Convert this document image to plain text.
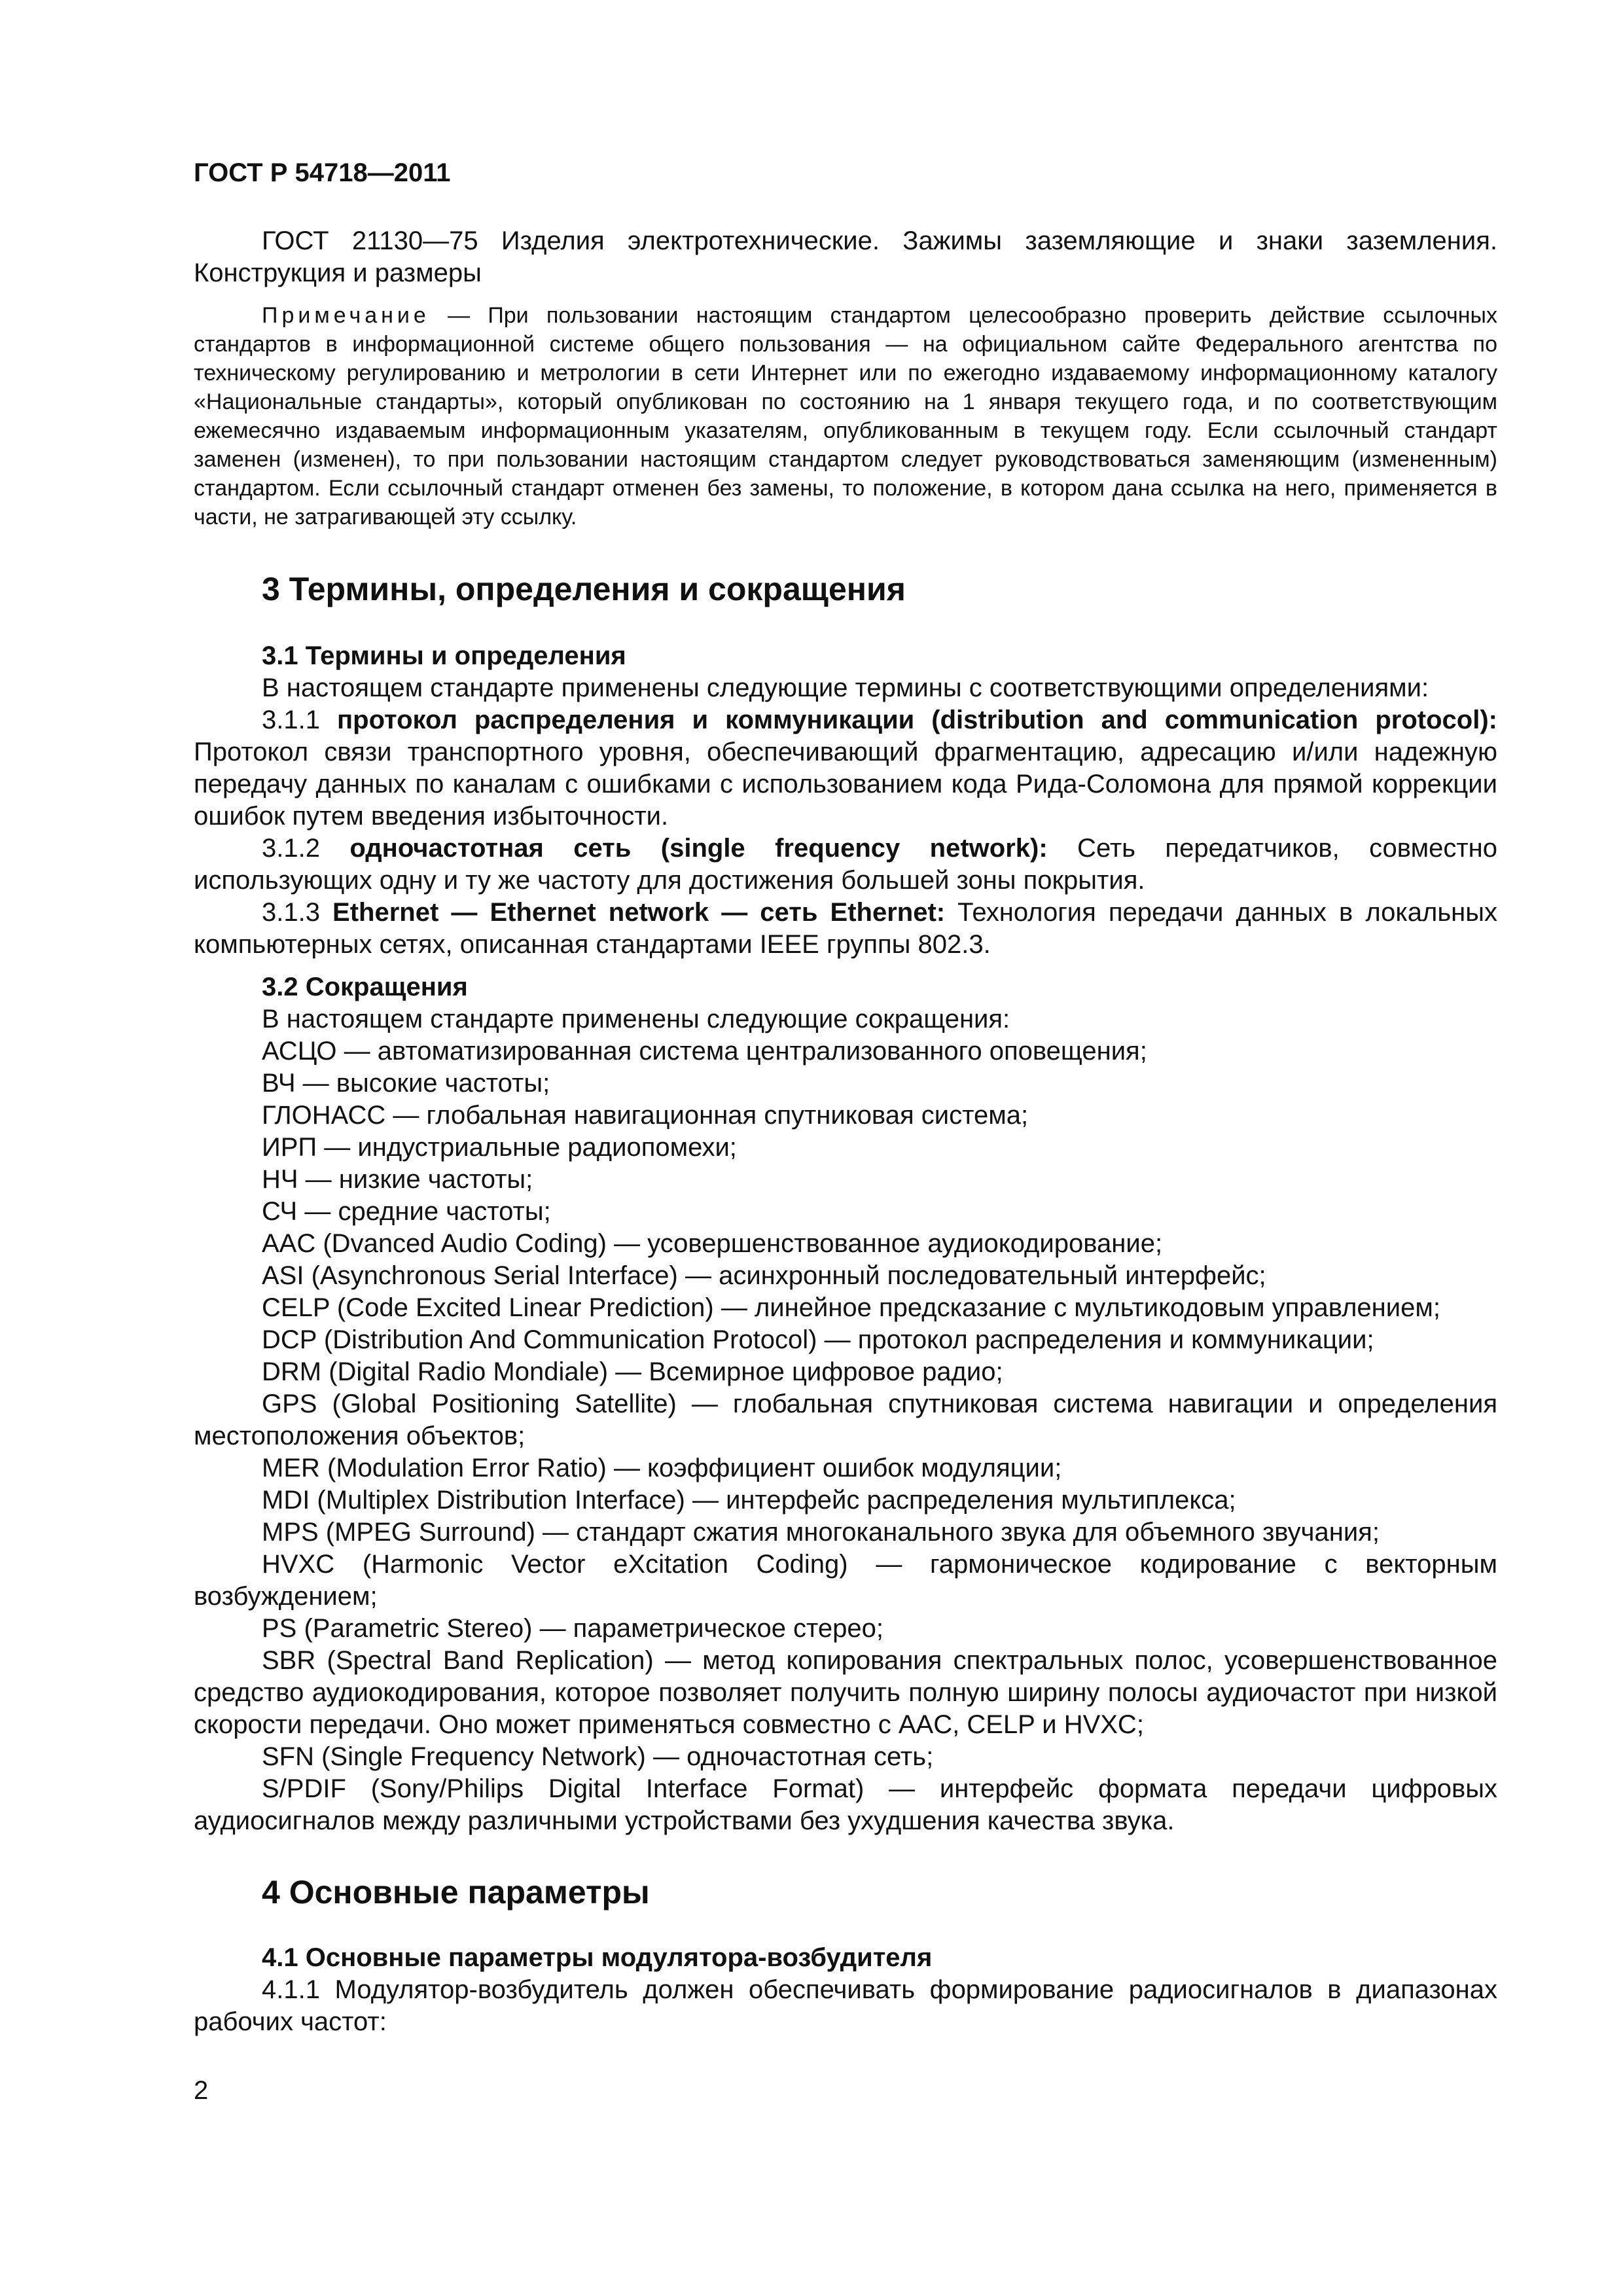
ГОСТ Р 54718—2011

ГОСТ 21130—75 Изделия электротехнические. Зажимы заземляющие и знаки заземления. Конструкция и размеры

Примечание — При пользовании настоящим стандартом целесообразно проверить действие ссылочных стандартов в информационной системе общего пользования — на официальном сайте Федерального агентства по техническому регулированию и метрологии в сети Интернет или по ежегодно издаваемому информационному каталогу «Национальные стандарты», который опубликован по состоянию на 1 января текущего года, и по соответствующим ежемесячно издаваемым информационным указателям, опубликованным в текущем году. Если ссылочный стандарт заменен (изменен), то при пользовании настоящим стандартом следует руководствоваться заменяющим (измененным) стандартом. Если ссылочный стандарт отменен без замены, то положение, в котором дана ссылка на него, применяется в части, не затрагивающей эту ссылку.

3 Термины, определения и сокращения
3.1 Термины и определения

В настоящем стандарте применены следующие термины с соответствующими определениями:

3.1.1 протокол распределения и коммуникации (distribution and communication protocol): Протокол связи транспортного уровня, обеспечивающий фрагментацию, адресацию и/или надежную передачу данных по каналам с ошибками с использованием кода Рида-Соломона для прямой коррекции ошибок путем введения избыточности.

3.1.2 одночастотная сеть (single frequency network): Сеть передатчиков, совместно использующих одну и ту же частоту для достижения большей зоны покрытия.

3.1.3 Ethernet — Ethernet network — сеть Ethernet: Технология передачи данных в локальных компьютерных сетях, описанная стандартами IEEE группы 802.3.

3.2 Сокращения

В настоящем стандарте применены следующие сокращения:

АСЦО — автоматизированная система централизованного оповещения;

ВЧ — высокие частоты;

ГЛОНАСС — глобальная навигационная спутниковая система;

ИРП — индустриальные радиопомехи;

НЧ — низкие частоты;

СЧ — средние частоты;

AAC (Dvanced Audio Coding) — усовершенствованное аудиокодирование;

ASI (Asynchronous Serial Interface) — асинхронный последовательный интерфейс;

CELP (Code Excited Linear Prediction) — линейное предсказание с мультикодовым управлением;

DCP (Distribution And Communication Protocol) — протокол распределения и коммуникации;

DRM (Digital Radio Mondiale) — Всемирное цифровое радио;

GPS (Global Positioning Satellite) — глобальная спутниковая система навигации и определения местоположения объектов;

MER (Modulation Error Ratio) — коэффициент ошибок модуляции;

MDI (Multiplex Distribution Interface) — интерфейс распределения мультиплекса;

MPS (MPEG Surround) — стандарт сжатия многоканального звука для объемного звучания;

HVXC (Harmonic Vector eXcitation Coding) — гармоническое кодирование с векторным возбуждением;

PS (Parametric Stereo) — параметрическое стерео;

SBR (Spectral Band Replication) — метод копирования спектральных полос, усовершенствованное средство аудиокодирования, которое позволяет получить полную ширину полосы аудиочастот при низкой скорости передачи. Оно может применяться совместно с AAC, CELP и HVXC;

SFN (Single Frequency Network) — одночастотная сеть;

S/PDIF (Sony/Philips Digital Interface Format) — интерфейс формата передачи цифровых аудиосигналов между различными устройствами без ухудшения качества звука.

4 Основные параметры
4.1 Основные параметры модулятора-возбудителя

4.1.1 Модулятор-возбудитель должен обеспечивать формирование радиосигналов в диапазонах рабочих частот:

2
